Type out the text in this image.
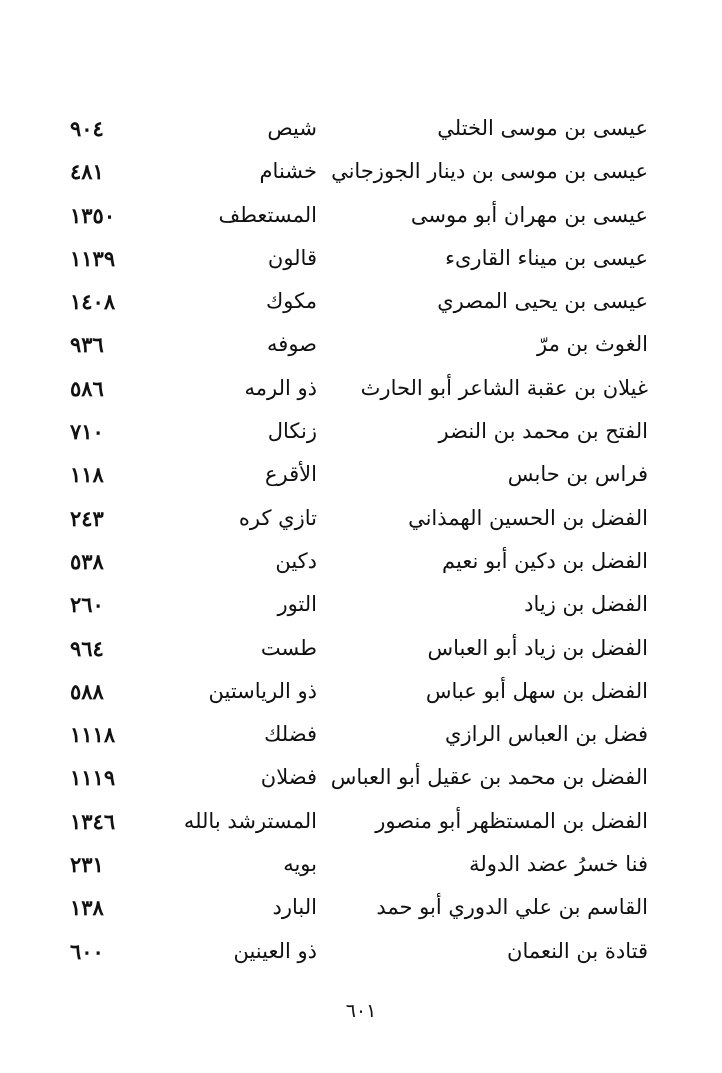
عيسى بن موسى الختلي
شيص
٩٠٤
عيسى بن موسى بن دينار الجوزجاني
خشنام
٤٨١
عيسى بن مهران أبو موسى
المستعطف
١٣٥٠
عيسى بن ميناء القارىء
قالون
١١٣٩
عيسى بن يحيى المصري
مكوك
١٤٠٨
الغوث بن مرّ
صوفه
٩٣٦
غيلان بن عقبة الشاعر أبو الحارث
ذو الرمه
٥٨٦
الفتح بن محمد بن النضر
زنكال
٧١٠
فراس بن حابس
الأقرع
١١٨
الفضل بن الحسين الهمذاني
تازي كره
٢٤٣
الفضل بن دكين أبو نعيم
دكين
٥٣٨
الفضل بن زياد
التور
٢٦٠
الفضل بن زياد أبو العباس
طست
٩٦٤
الفضل بن سهل أبو عباس
ذو الرياستين
٥٨٨
فضل بن العباس الرازي
فضلك
١١١٨
الفضل بن محمد بن عقيل أبو العباس
فضلان
١١١٩
الفضل بن المستظهر أبو منصور
المسترشد بالله
١٣٤٦
فنا خسرُ عضد الدولة
بويه
٢٣١
القاسم بن علي الدوري أبو حمد
البارد
١٣٨
قتادة بن النعمان
ذو العينين
٦٠٠
٦٠١
